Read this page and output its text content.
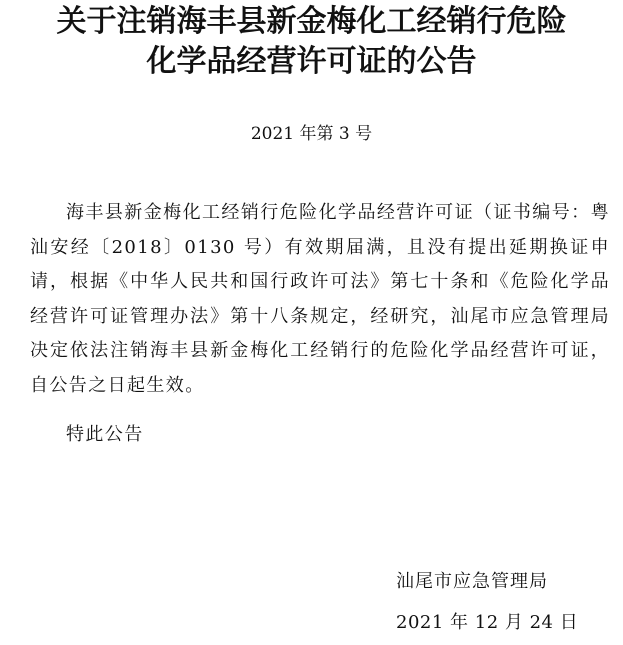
关于注销海丰县新金梅化工经销行危险
化学品经营许可证的公告
2021 年第 3 号

海丰县新金梅化工经销行危险化学品经营许可证（证书编号：粤汕安经〔2018〕0130 号）有效期届满，且没有提出延期换证申请，根据《中华人民共和国行政许可法》第七十条和《危险化学品经营许可证管理办法》第十八条规定，经研究，汕尾市应急管理局决定依法注销海丰县新金梅化工经销行的危险化学品经营许可证，自公告之日起生效。

特此公告
汕尾市应急管理局
2021 年 12 月 24 日
